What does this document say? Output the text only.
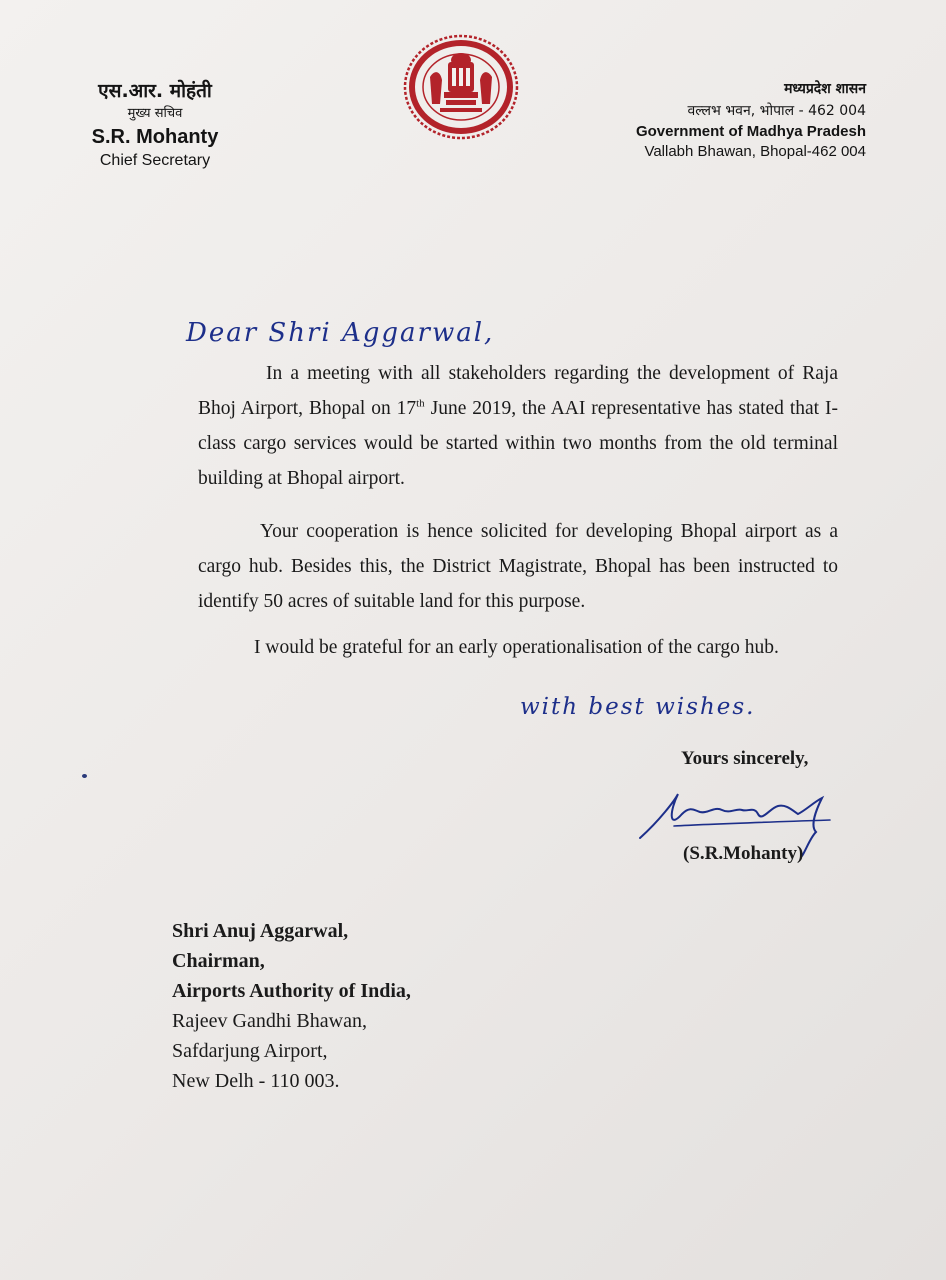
एस.आर. मोहंती
मुख्य सचिव
S.R. Mohanty
Chief Secretary
मध्यप्रदेश शासन
वल्लभ भवन, भोपाल - 462 004
Government of Madhya Pradesh
Vallabh Bhawan, Bhopal-462 004
Dear Shri Aggarwal,
In a meeting with all stakeholders regarding the development of Raja Bhoj Airport, Bhopal on 17th June 2019, the AAI representative has stated that I-class cargo services would be started within two months from the old terminal building at Bhopal airport.
Your cooperation is hence solicited for developing Bhopal airport as a cargo hub. Besides this, the District Magistrate, Bhopal has been instructed to identify 50 acres of suitable land for this purpose.
I would be grateful for an early operationalisation of the cargo hub.
with best wishes.
Yours sincerely,
(S.R.Mohanty)
Shri Anuj Aggarwal,
Chairman,
Airports Authority of India,
Rajeev Gandhi Bhawan,
Safdarjung Airport,
New Delh - 110 003.
